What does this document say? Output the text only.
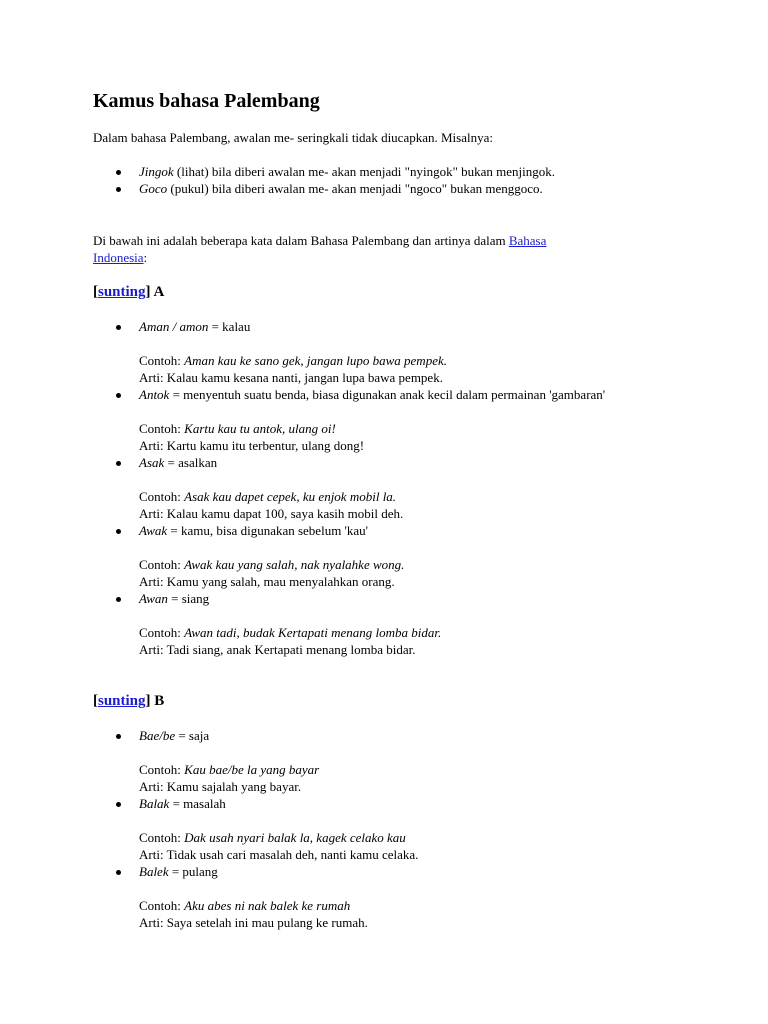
Kamus bahasa Palembang

Dalam bahasa Palembang, awalan me- seringkali tidak diucapkan. Misalnya:

Jingok (lihat) bila diberi awalan me- akan menjadi "nyingok" bukan menjingok.
Goco (pukul) bila diberi awalan me- akan menjadi "ngoco" bukan menggoco.

Di bawah ini adalah beberapa kata dalam Bahasa Palembang dan artinya dalam Bahasa
Indonesia:

[sunting] A
Aman / amon = kalau
Contoh: Aman kau ke sano gek, jangan lupo bawa pempek.
Arti: Kalau kamu kesana nanti, jangan lupa bawa pempek.
Antok = menyentuh suatu benda, biasa digunakan anak kecil dalam permainan 'gambaran'
Contoh: Kartu kau tu antok, ulang oi!
Arti: Kartu kamu itu terbentur, ulang dong!
Asak = asalkan
Contoh: Asak kau dapet cepek, ku enjok mobil la.
Arti: Kalau kamu dapat 100, saya kasih mobil deh.
Awak = kamu, bisa digunakan sebelum 'kau'
Contoh: Awak kau yang salah, nak nyalahke wong.
Arti: Kamu yang salah, mau menyalahkan orang.
Awan = siang
Contoh: Awan tadi, budak Kertapati menang lomba bidar.
Arti: Tadi siang, anak Kertapati menang lomba bidar.
[sunting] B
Bae/be = saja
Contoh: Kau bae/be la yang bayar
Arti: Kamu sajalah yang bayar.
Balak = masalah
Contoh: Dak usah nyari balak la, kagek celako kau
Arti: Tidak usah cari masalah deh, nanti kamu celaka.
Balek = pulang
Contoh: Aku abes ni nak balek ke rumah
Arti: Saya setelah ini mau pulang ke rumah.
